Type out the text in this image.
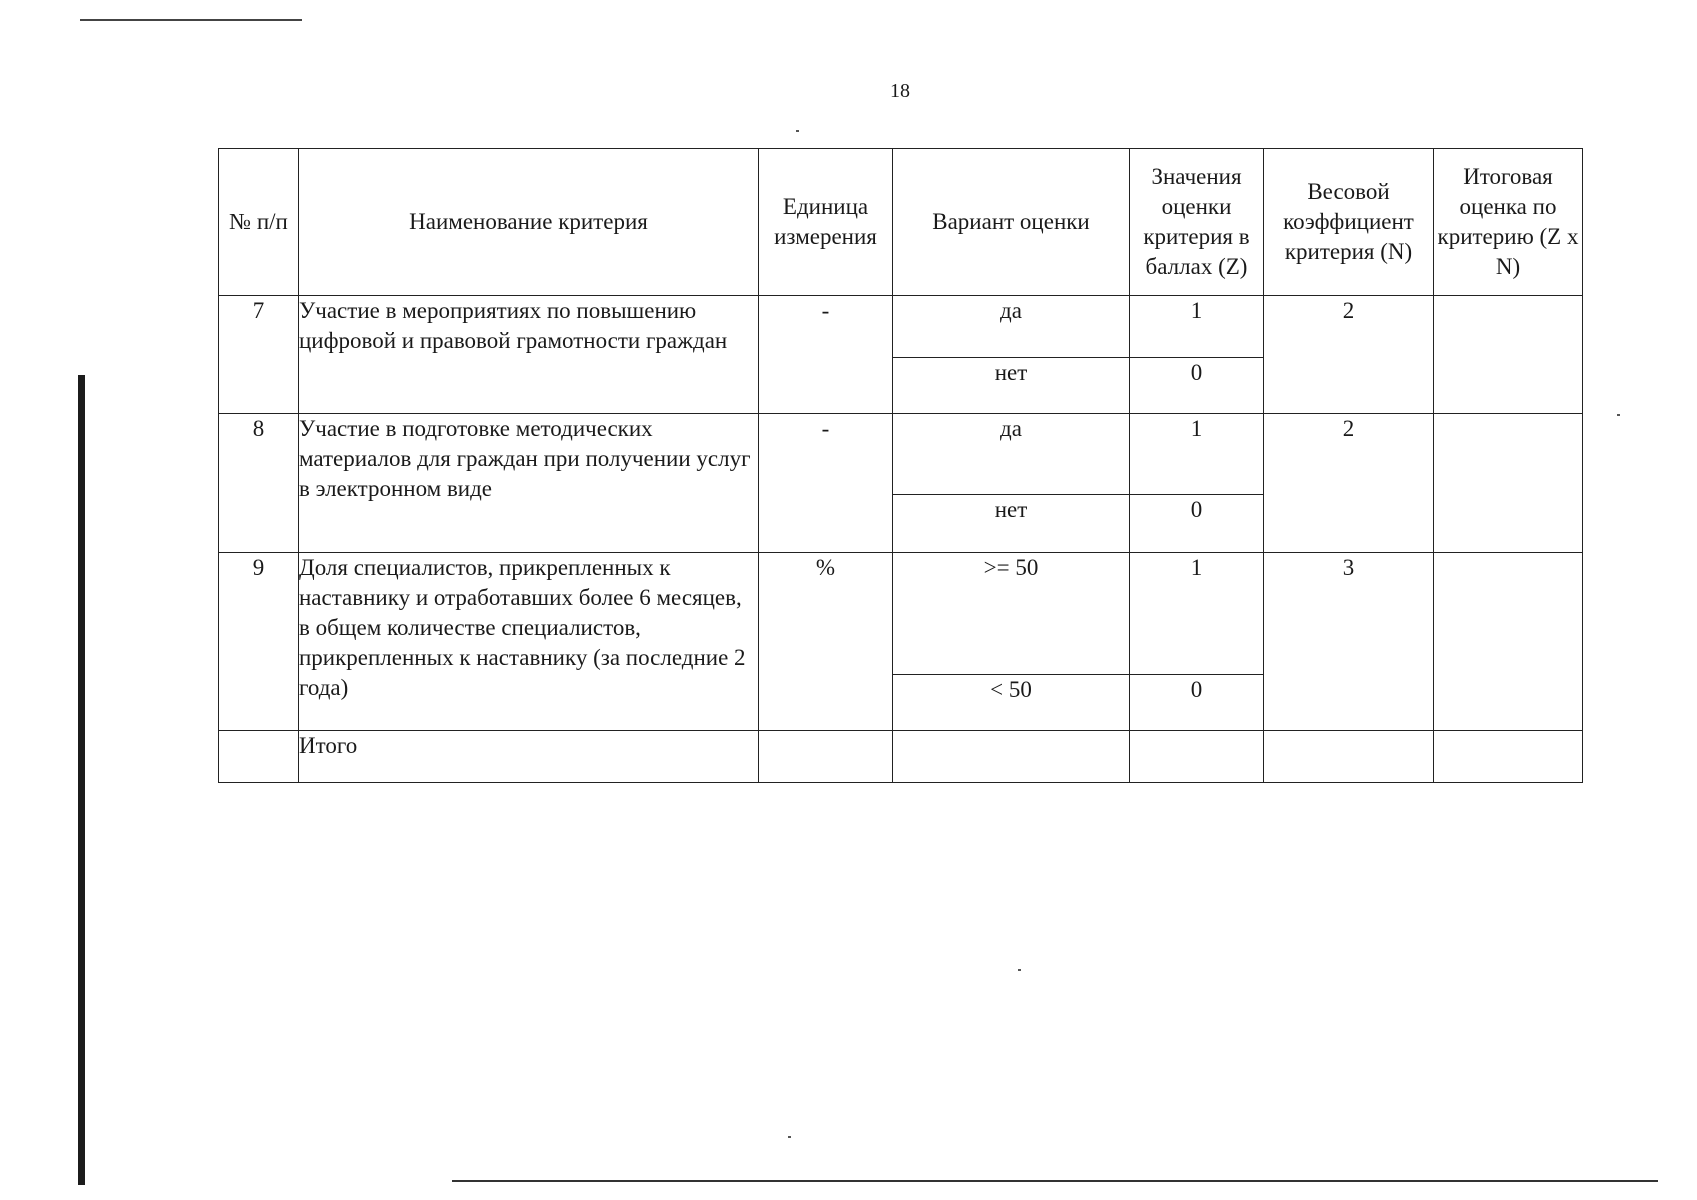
18
№ п/п	Наименование критерия	Единица измерения	Вариант оценки	Значения оценки критерия в баллах (Z)	Весовой коэффициент критерия (N)	Итоговая оценка по критерию (Z x N)
7	Участие в мероприятиях по повышению цифровой и правовой грамотности граждан	-	да	1	2	
			нет	0		
8	Участие в подготовке методических материалов для граждан при получении услуг в электронном виде	-	да	1	2	
			нет	0		
9	Доля специалистов, прикрепленных к наставнику и отработавших более 6 месяцев, в общем количестве специалистов, прикрепленных к наставнику (за последние 2 года)	%	>= 50	1	3	
			< 50	0		
	Итого					
